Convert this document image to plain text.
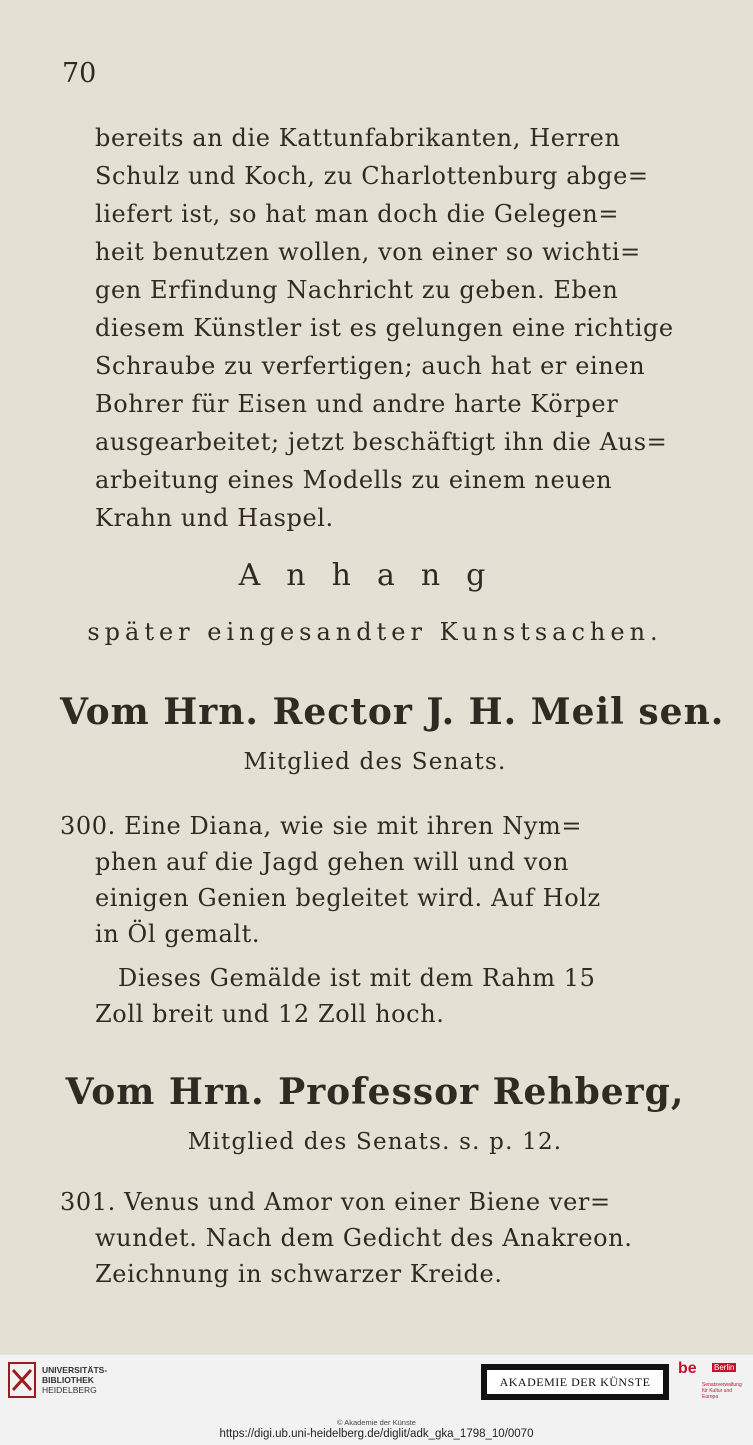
70

bereits an die Kattunfabrikanten, Herren

Schulz und Koch, zu Charlottenburg abge=

liefert ist, so hat man doch die Gelegen=

heit benutzen wollen, von einer so wichti=

gen Erfindung Nachricht zu geben. Eben

diesem Künstler ist es gelungen eine richtige

Schraube zu verfertigen; auch hat er einen

Bohrer für Eisen und andre harte Körper

ausgearbeitet; jetzt beschäftigt ihn die Aus=

arbeitung eines Modells zu einem neuen

Krahn und Haspel.

Anhang

später eingesandter Kunstsachen.

Vom Hrn. Rector J. H. Meil sen.

Mitglied des Senats.

300. Eine Diana, wie sie mit ihren Nym=

phen auf die Jagd gehen will und von

einigen Genien begleitet wird. Auf Holz

in Öl gemalt.

Dieses Gemälde ist mit dem Rahm 15

Zoll breit und 12 Zoll hoch.

Vom Hrn. Professor Rehberg,

Mitglied des Senats. s. p. 12.

301. Venus und Amor von einer Biene ver=

wundet. Nach dem Gedicht des Anakreon.

Zeichnung in schwarzer Kreide.

UNIVERSITÄTS-
BIBLIOTHEK
HEIDELBERG
AKADEMIE DER KÜNSTE
be Berlin
Senatsverwaltung für Kultur und Europa
© Akademie der Künste
https://digi.ub.uni-heidelberg.de/diglit/adk_gka_1798_10/0070
